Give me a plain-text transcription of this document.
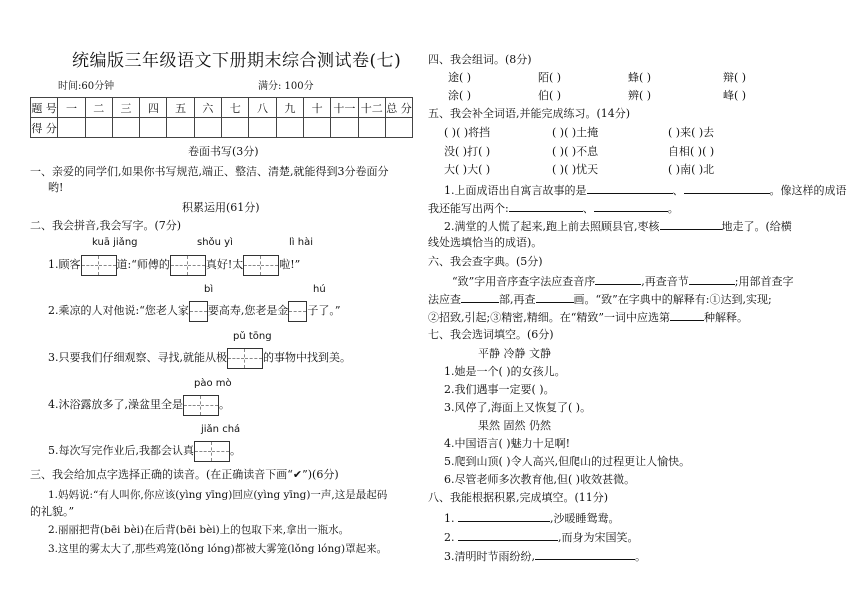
统编版三年级语文下册期末综合测试卷(七)
时间:60分钟	满分: 100分
题 号	一	二	三	四	五	六	七	八	九	十	十一	十二	总 分
得 分													
卷面书写(3分)
一、亲爱的同学们,如果你书写规范,端正、整洁、清楚,就能得到3分卷面分
哟!
积累运用(61分)
二、我会拼音,我会写字。(7分)
kuā jiǎng	shǒu yì	lì hài
1.顾客	道:“师傅的	真好!太	啦!”
bì	hú
2.乘凉的人对他说:“您老人家 要高寿,您老是金 子了。”
pǔ tōng
3.只要我们仔细观察、寻找,就能从极	的事物中找到美。
pào mò
4.沐浴露放多了,澡盆里全是	。
jiǎn chá
5.每次写完作业后,我都会认真	。
三、我会给加点字选择正确的读音。(在正确读音下画“✔”)(6分)
1.妈妈说:“有人叫你,你应该(yìng yīng)回应(yìng yīng)一声,这是最起码
的礼貌。”
2.丽丽把背(bēi bèi)在后背(bēi bèi)上的包取下来,拿出一瓶水。
3.这里的雾太大了,那些鸡笼(lǒng lóng)都被大雾笼(lǒng lóng)罩起来。
四、我会组词。(8分)
途( )	陌( )	蜂( )	辩( )
涂( )	伯( )	辨( )	峰( )
五、我会补全词语,并能完成练习。(14分)
( )( )将挡	( )( )土掩	( )来( )去
没( )打( )	( )( )不息	自相( )( )
大( )大( )	( )( )忧天	( )南( )北
1.上面成语出自寓言故事的是	、	。像这样的成语
我还能写出两个:	、	。
2.满堂的人慌了起来,跑上前去照顾县官,枣核	地走了。(给横
线处选填恰当的成语)。
六、我会查字典。(5分)
“致”字用音序查字法应查音序	,再查音节	;用部首查字
法应查	部,再查	画。“致”在字典中的解释有:①达到,实现;
②招致,引起;③精密,精细。在“精致”一词中应选第	种解释。
七、我会选词填空。(6分)
平静 冷静 文静
1.她是一个( )的女孩儿。
2.我们遇事一定要( )。
3.风停了,海面上又恢复了( )。
果然 固然 仍然
4.中国语言( )魅力十足啊!
5.爬到山顶( )令人高兴,但爬山的过程更让人愉快。
6.尽管老师多次教育他,但( )收效甚微。
八、我能根据积累,完成填空。(11分)
1.	,沙暖睡鸳鸯。
2.	,而身为宋国笑。
3.清明时节雨纷纷,	。
